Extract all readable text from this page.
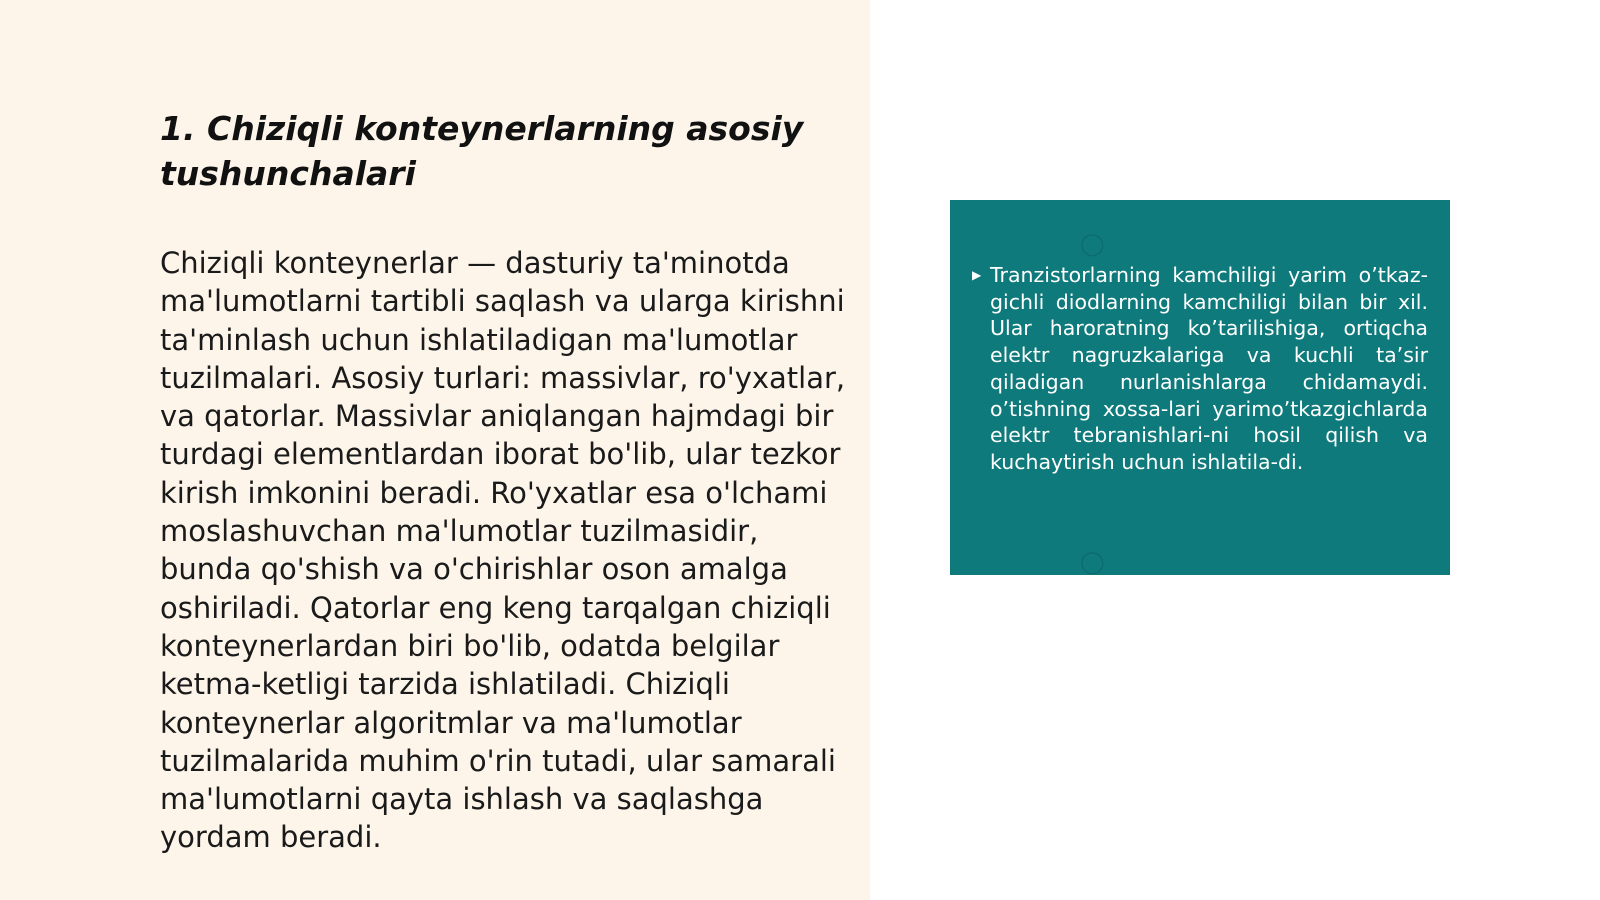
1. Chiziqli konteynerlarning asosiy tushunchalari

Chiziqli konteynerlar — dasturiy ta'minotda ma'lumotlarni tartibli saqlash va ularga kirishni ta'minlash uchun ishlatiladigan ma'lumotlar tuzilmalari. Asosiy turlari: massivlar, ro'yxatlar, va qatorlar. Massivlar aniqlangan hajmdagi bir turdagi elementlardan iborat bo'lib, ular tezkor kirish imkonini beradi. Ro'yxatlar esa o'lchami moslashuvchan ma'lumotlar tuzilmasidir, bunda qo'shish va o'chirishlar oson amalga oshiriladi. Qatorlar eng keng tarqalgan chiziqli konteynerlardan biri bo'lib, odatda belgilar ketma-ketligi tarzida ishlatiladi. Chiziqli konteynerlar algoritmlar va ma'lumotlar tuzilmalarida muhim o'rin tutadi, ular samarali ma'lumotlarni qayta ishlash va saqlashga yordam beradi.

◯
◯
▶ Tranzistorlarning kamchiligi yarim o’tkaz-gichli diodlarning kamchiligi bilan bir xil. Ular haroratning ko’tarilishiga, ortiqcha elektr nagruzkalariga va kuchli ta’sir qiladigan nurlanishlarga chidamaydi. o’tishning xossa-lari yarimo’tkazgichlarda elektr tebranishlari-ni hosil qilish va kuchaytirish uchun ishlatila-di.
